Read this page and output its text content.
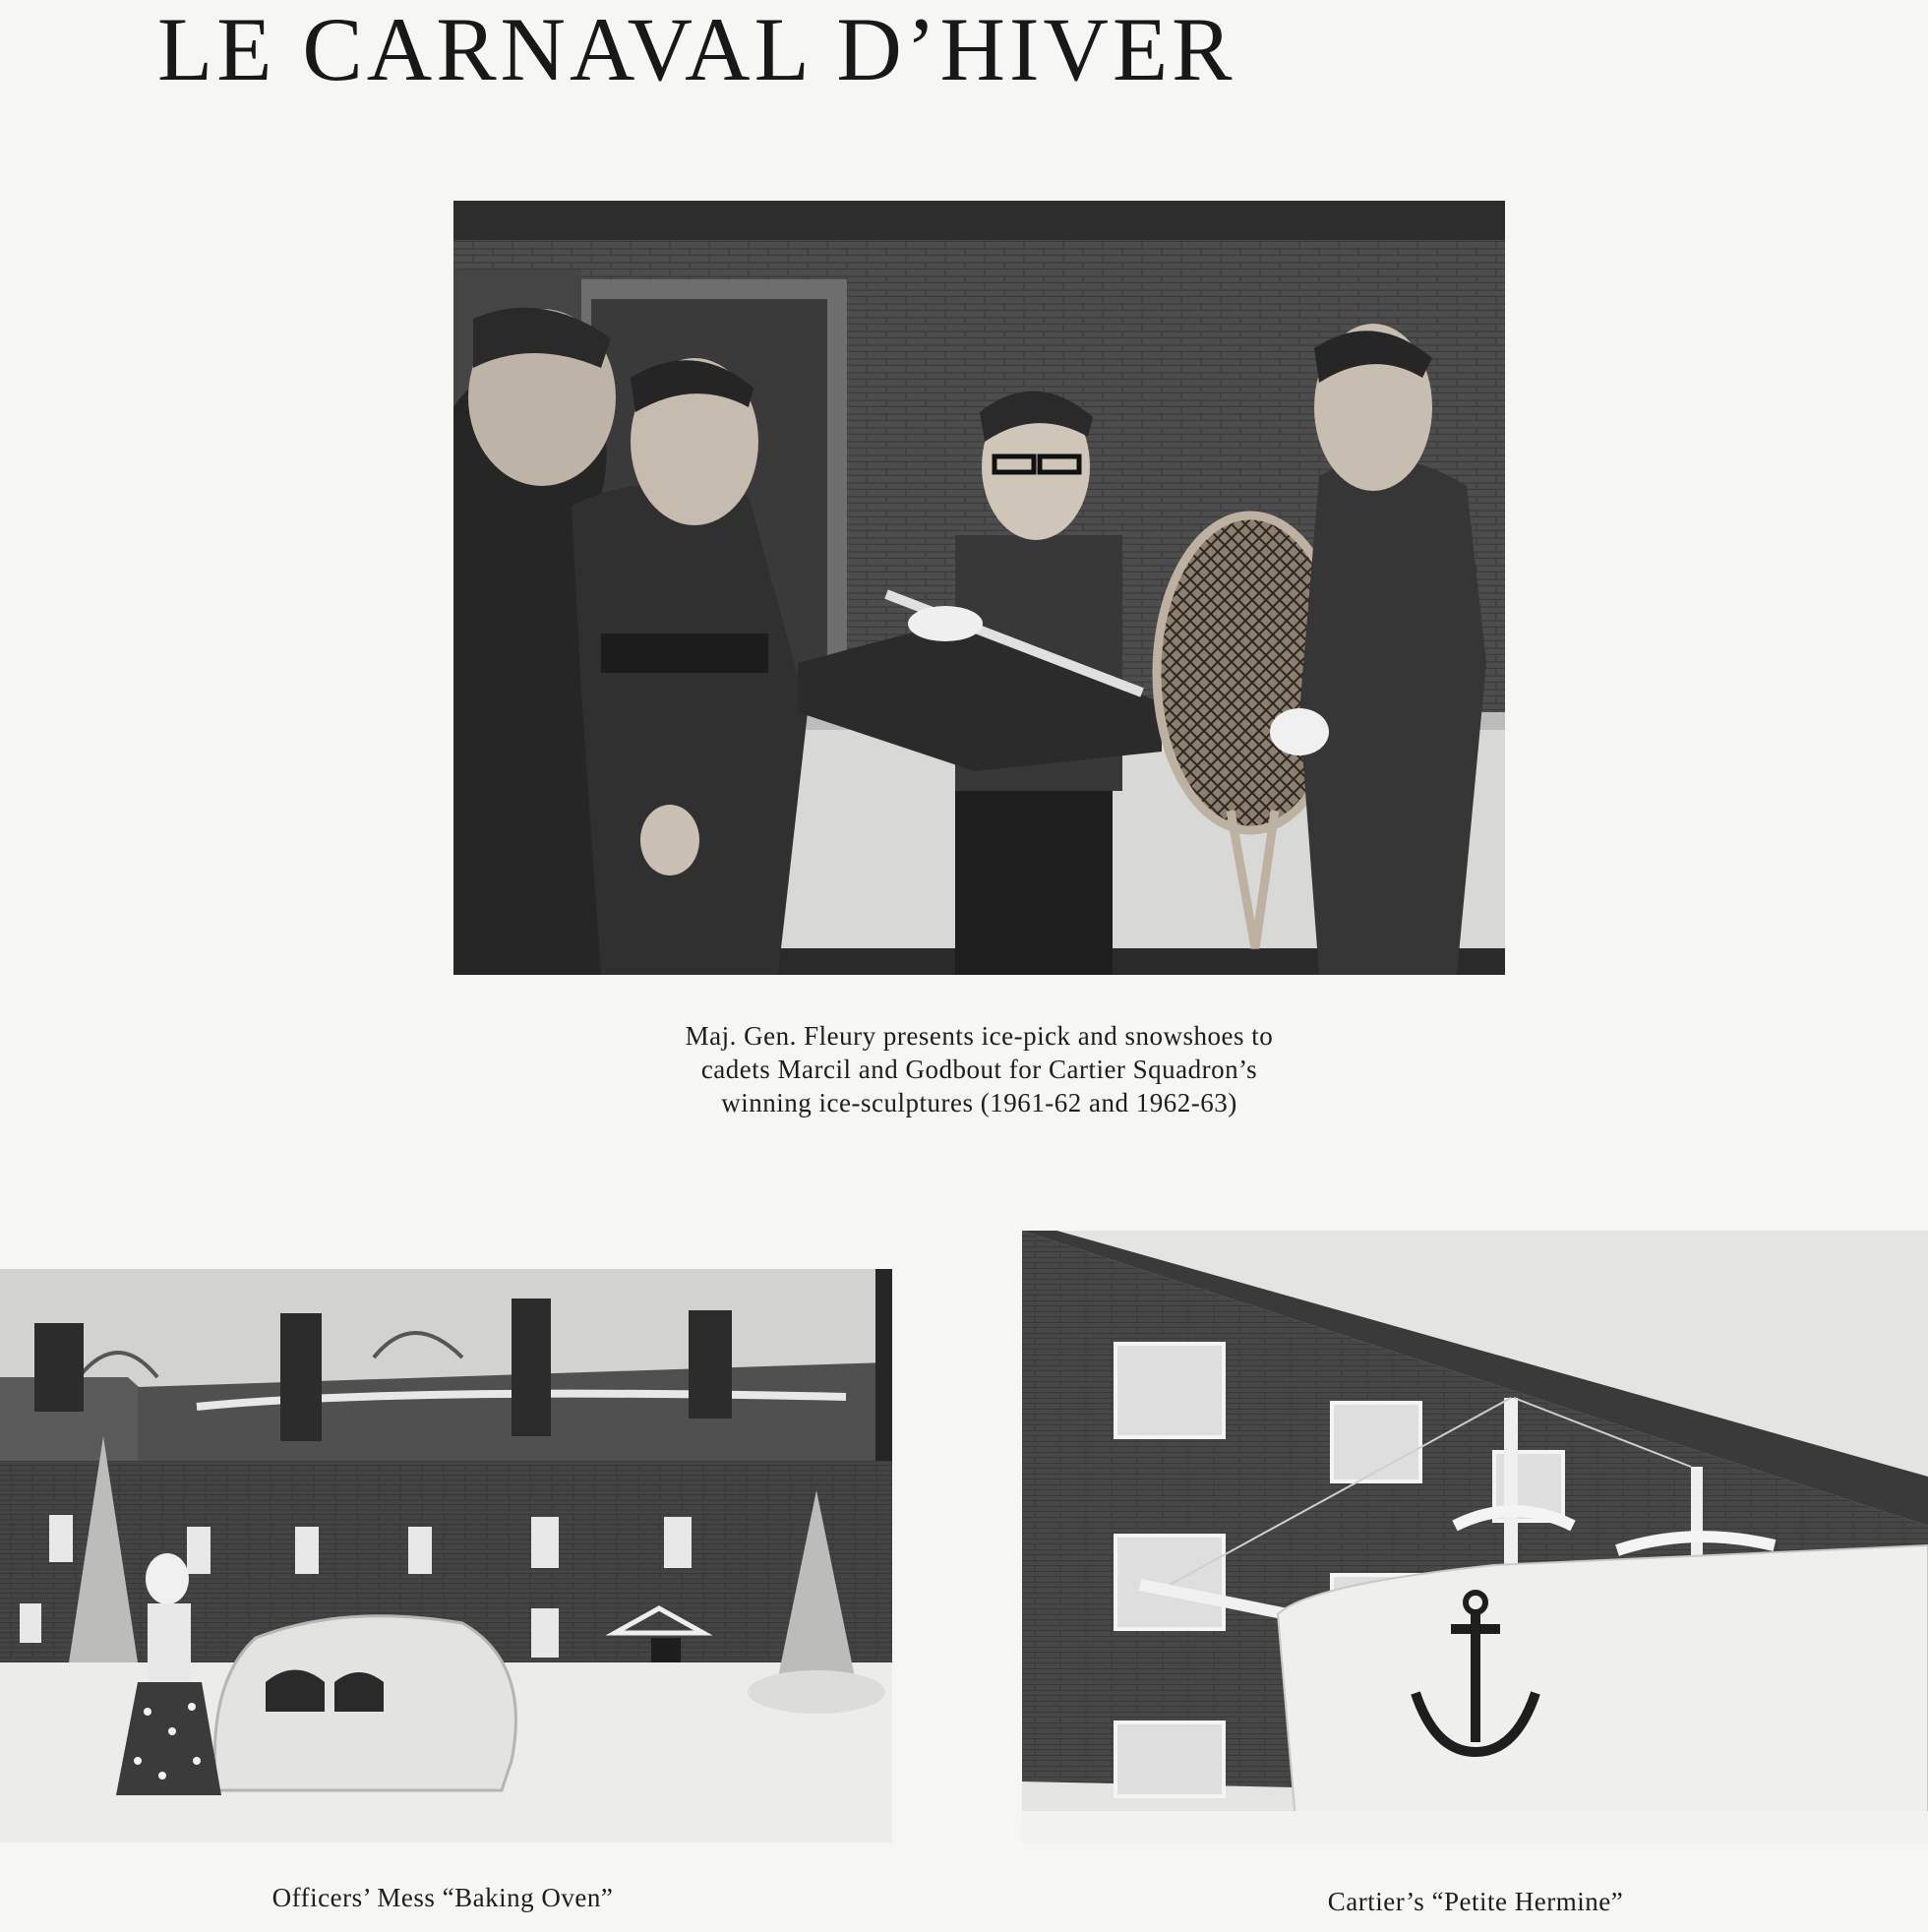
LE CARNAVAL D’HIVER
Maj. Gen. Fleury presents ice-pick and snowshoes to
cadets Marcil and Godbout for Cartier Squadron’s
winning ice-sculptures (1961-62 and 1962-63)
Officers’ Mess “Baking Oven”	Cartier’s “Petite Hermine”
